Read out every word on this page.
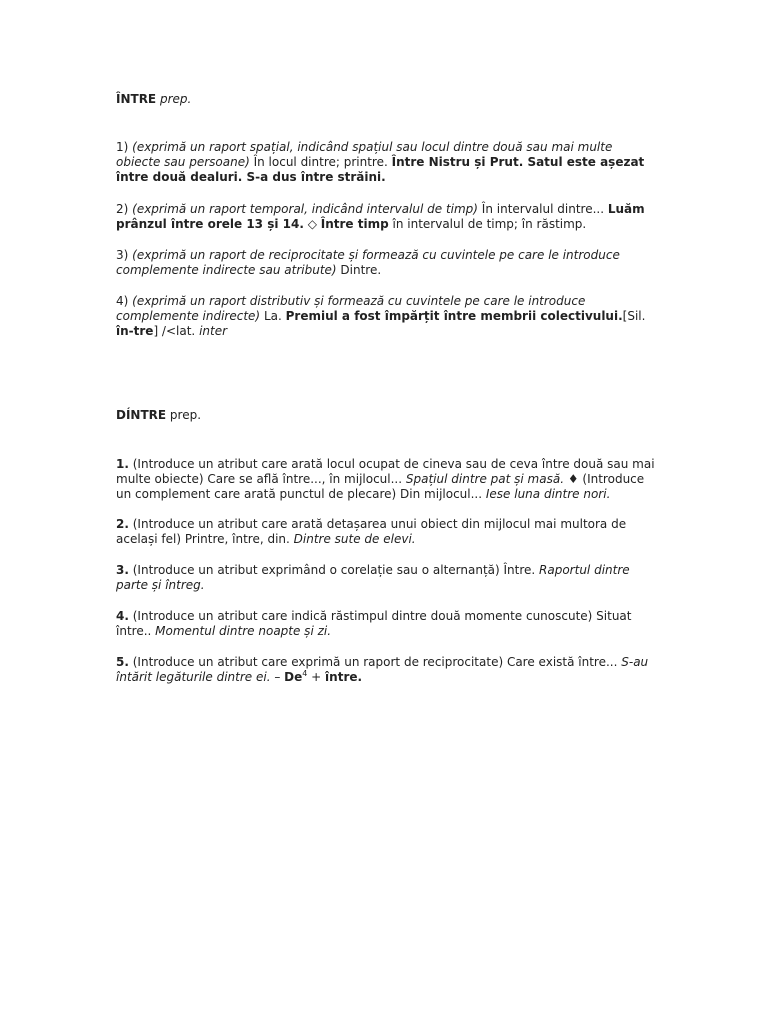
ÎNTRE prep.

1) (exprimă un raport spațial, indicând spațiul sau locul dintre două sau mai multe obiecte sau persoane) În locul dintre; printre. Între Nistru și Prut. Satul este așezat între două dealuri. S-a dus între străini.

2) (exprimă un raport temporal, indicând intervalul de timp) În intervalul dintre... Luăm prânzul între orele 13 și 14. ◇ Între timp în intervalul de timp; în răstimp.

3) (exprimă un raport de reciprocitate și formează cu cuvintele pe care le introduce complemente indirecte sau atribute) Dintre.

4) (exprimă un raport distributiv și formează cu cuvintele pe care le introduce complemente indirecte) La. Premiul a fost împărțit între membrii colectivului.[Sil. în-tre] /<lat. inter

DÍNTRE prep.

1. (Introduce un atribut care arată locul ocupat de cineva sau de ceva între două sau mai multe obiecte) Care se află între..., în mijlocul... Spațiul dintre pat și masă. ♦ (Introduce un complement care arată punctul de plecare) Din mijlocul... Iese luna dintre nori.

2. (Introduce un atribut care arată detașarea unui obiect din mijlocul mai multora de același fel) Printre, între, din. Dintre sute de elevi.

3. (Introduce un atribut exprimând o corelație sau o alternanță) Între. Raportul dintre parte și întreg.

4. (Introduce un atribut care indică răstimpul dintre două momente cunoscute) Situat între.. Momentul dintre noapte și zi.

5. (Introduce un atribut care exprimă un raport de reciprocitate) Care există între... S-au întărit legăturile dintre ei. – $De^4$ + între.
